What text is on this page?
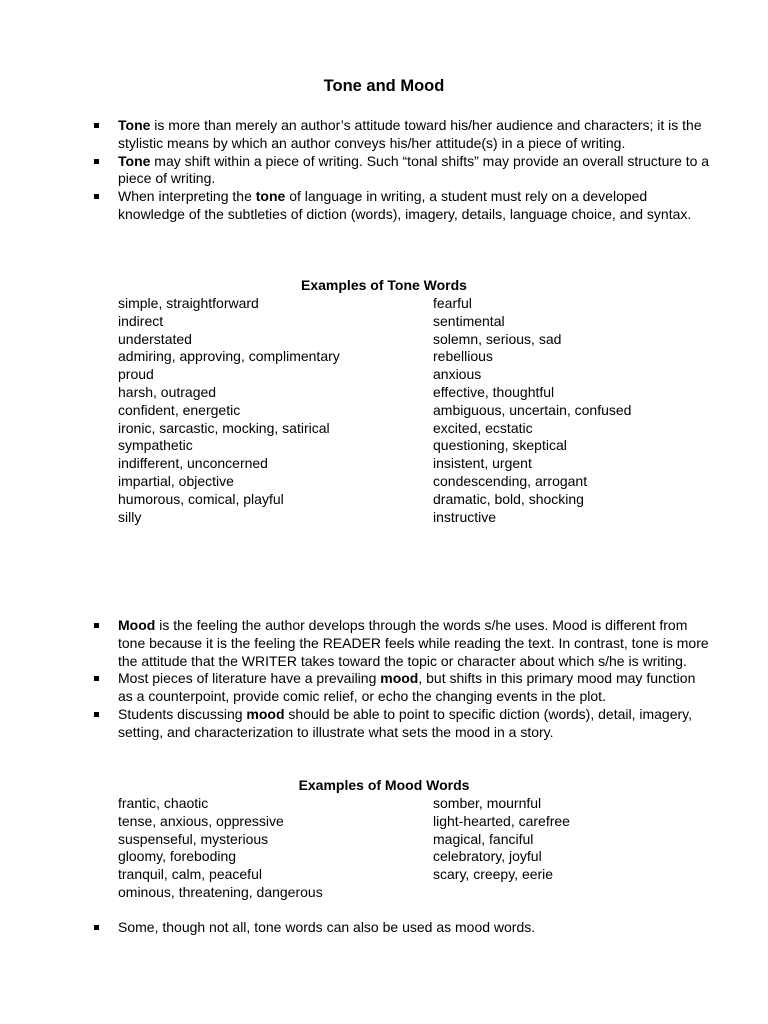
Tone and Mood
Tone is more than merely an author’s attitude toward his/her audience and characters; it is the stylistic means by which an author conveys his/her attitude(s) in a piece of writing.
Tone may shift within a piece of writing. Such “tonal shifts” may provide an overall structure to a piece of writing.
When interpreting the tone of language in writing, a student must rely on a developed knowledge of the subtleties of diction (words), imagery, details, language choice, and syntax.
Examples of Tone Words
simple, straightforward	fearful
indirect	sentimental
understated	solemn, serious, sad
admiring, approving, complimentary	rebellious
proud	anxious
harsh, outraged	effective, thoughtful
confident, energetic	ambiguous, uncertain, confused
ironic, sarcastic, mocking, satirical	excited, ecstatic
sympathetic	questioning, skeptical
indifferent, unconcerned	insistent, urgent
impartial, objective	condescending, arrogant
humorous, comical, playful	dramatic, bold, shocking
silly	instructive
Mood is the feeling the author develops through the words s/he uses. Mood is different from tone because it is the feeling the READER feels while reading the text. In contrast, tone is more the attitude that the WRITER takes toward the topic or character about which s/he is writing.
Most pieces of literature have a prevailing mood, but shifts in this primary mood may function as a counterpoint, provide comic relief, or echo the changing events in the plot.
Students discussing mood should be able to point to specific diction (words), detail, imagery, setting, and characterization to illustrate what sets the mood in a story.
Examples of Mood Words
frantic, chaotic	somber, mournful
tense, anxious, oppressive	light-hearted, carefree
suspenseful, mysterious	magical, fanciful
gloomy, foreboding	celebratory, joyful
tranquil, calm, peaceful	scary, creepy, eerie
ominous, threatening, dangerous
Some, though not all, tone words can also be used as mood words.
